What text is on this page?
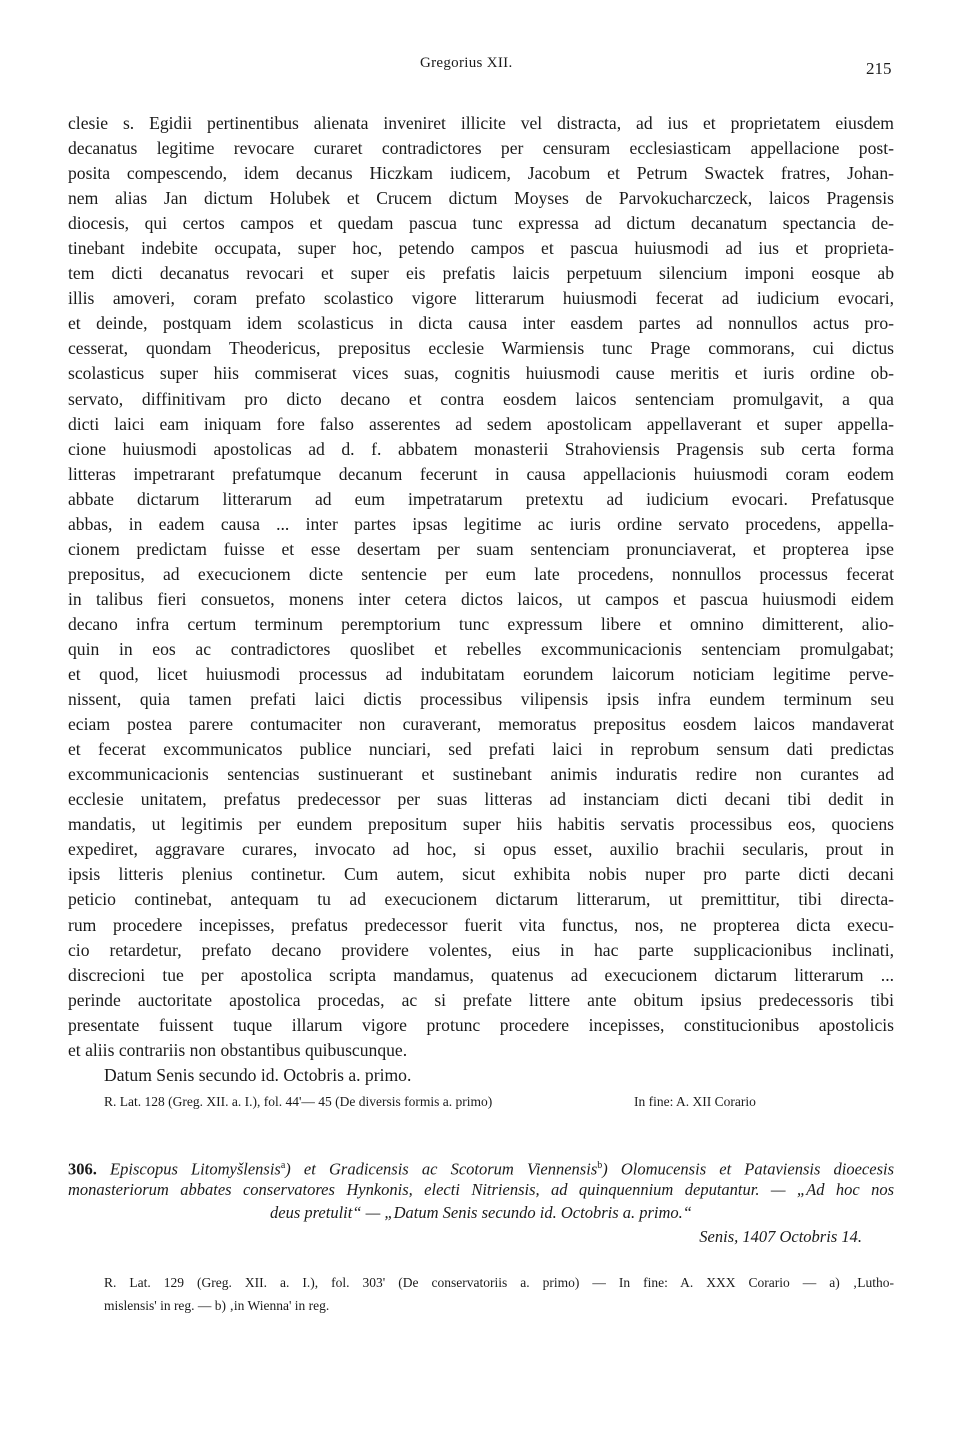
Gregorius XII.	215
clesie s. Egidii pertinentibus alienata inveniret illicite vel distracta, ad ius et proprietatem eiusdem
decanatus legitime revocare curaret contradictores per censuram ecclesiasticam appellacione post-
posita compescendo, idem decanus Hiczkam iudicem, Jacobum et Petrum Swactek fratres, Johan-
nem alias Jan dictum Holubek et Crucem dictum Moyses de Parvokucharczeck, laicos Pragensis
diocesis, qui certos campos et quedam pascua tunc expressa ad dictum decanatum spectancia de-
tinebant indebite occupata, super hoc, petendo campos et pascua huiusmodi ad ius et proprieta-
tem dicti decanatus revocari et super eis prefatis laicis perpetuum silencium imponi eosque ab
illis amoveri, coram prefato scolastico vigore litterarum huiusmodi fecerat ad iudicium evocari,
et deinde, postquam idem scolasticus in dicta causa inter easdem partes ad nonnullos actus pro-
cesserat, quondam Theodericus, prepositus ecclesie Warmiensis tunc Prage commorans, cui dictus
scolasticus super hiis commiserat vices suas, cognitis huiusmodi cause meritis et iuris ordine ob-
servato, diffinitivam pro dicto decano et contra eosdem laicos sentenciam promulgavit, a qua
dicti laici eam iniquam fore falso asserentes ad sedem apostolicam appellaverant et super appella-
cione huiusmodi apostolicas ad d. f. abbatem monasterii Strahoviensis Pragensis sub certa forma
litteras impetrarant prefatumque decanum fecerunt in causa appellacionis huiusmodi coram eodem
abbate dictarum litterarum ad eum impetratarum pretextu ad iudicium evocari. Prefatusque
abbas, in eadem causa ... inter partes ipsas legitime ac iuris ordine servato procedens, appella-
cionem predictam fuisse et esse desertam per suam sentenciam pronunciaverat, et propterea ipse
prepositus, ad execucionem dicte sentencie per eum late procedens, nonnullos processus fecerat
in talibus fieri consuetos, monens inter cetera dictos laicos, ut campos et pascua huiusmodi eidem
decano infra certum terminum peremptorium tunc expressum libere et omnino dimitterent, alio-
quin in eos ac contradictores quoslibet et rebelles excommunicacionis sentenciam promulgabat;
et quod, licet huiusmodi processus ad indubitatam eorundem laicorum noticiam legitime perve-
nissent, quia tamen prefati laici dictis processibus vilipensis ipsis infra eundem terminum seu
eciam postea parere contumaciter non curaverant, memoratus prepositus eosdem laicos mandaverat
et fecerat excommunicatos publice nunciari, sed prefati laici in reprobum sensum dati predictas
excommunicacionis sentencias sustinuerant et sustinebant animis induratis redire non curantes ad
ecclesie unitatem, prefatus predecessor per suas litteras ad instanciam dicti decani tibi dedit in
mandatis, ut legitimis per eundem prepositum super hiis habitis servatis processibus eos, quociens
expediret, aggravare curares, invocato ad hoc, si opus esset, auxilio brachii secularis, prout in
ipsis litteris plenius continetur. Cum autem, sicut exhibita nobis nuper pro parte dicti decani
peticio continebat, antequam tu ad execucionem dictarum litterarum, ut premittitur, tibi directa-
rum procedere incepisses, prefatus predecessor fuerit vita functus, nos, ne propterea dicta execu-
cio retardetur, prefato decano providere volentes, eius in hac parte supplicacionibus inclinati,
discrecioni tue per apostolica scripta mandamus, quatenus ad execucionem dictarum litterarum ...
perinde auctoritate apostolica procedas, ac si prefate littere ante obitum ipsius predecessoris tibi
presentate fuissent tuque illarum vigore protunc procedere incepisses, constitucionibus apostolicis
et aliis contrariis non obstantibus quibuscunque.
Datum Senis secundo id. Octobris a. primo.
R. Lat. 128 (Greg. XII. a. I.), fol. 44'— 45 (De diversis formis a. primo)	In fine: A. XII Corario
306. Episcopus Litomyšlensis$^a$) et Gradicensis ac Scotorum Viennensis$^b$) Olomucensis et Pataviensis dioecesis
monasteriorum abbates conservatores Hynkonis, electi Nitriensis, ad quinquennium deputantur. — „Ad hoc nos
deus pretulit“ — „Datum Senis secundo id. Octobris a. primo.“
Senis, 1407 Octobris 14.
R. Lat. 129 (Greg. XII. a. I.), fol. 303' (De conservatoriis a. primo) — In fine: A. XXX Corario — a) ‚Lutho-
mislensis' in reg. — b) ‚in Wienna' in reg.
